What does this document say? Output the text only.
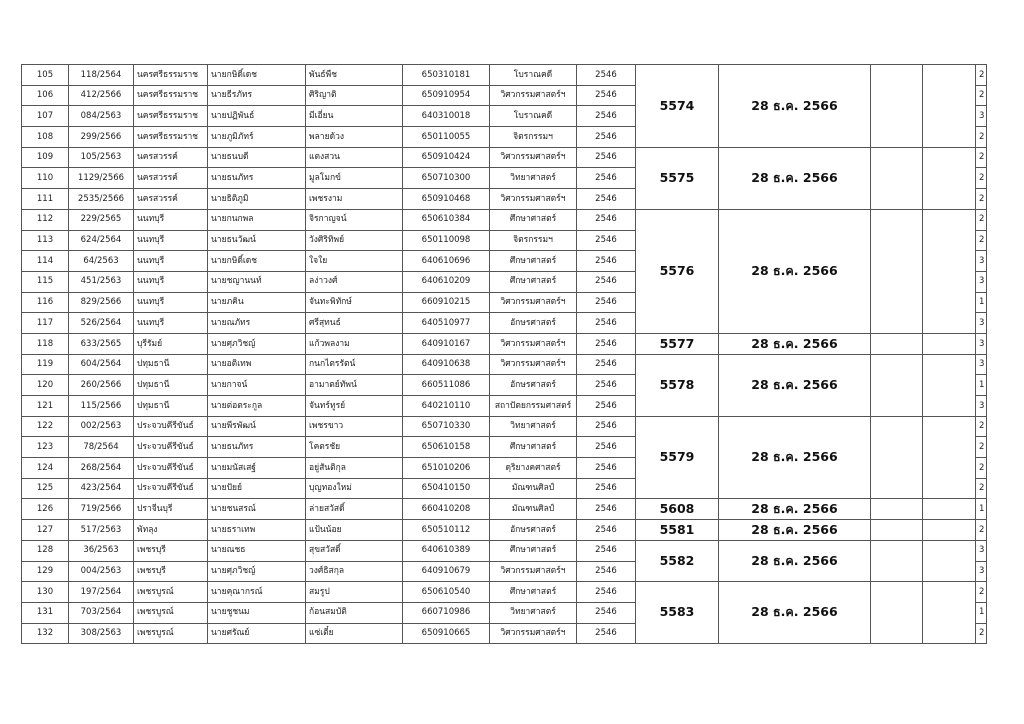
105	118/2564	นครศรีธรรมราช	นายกษิดิ์เดช	พันธ์พืช	650310181	โบราณคดี	2546	5574	28 ธ.ค. 2566			2
106	412/2566	นครศรีธรรมราช	นายธีรภัทร	ศิริญาติ	650910954	วิศวกรรมศาสตร์ฯ	2546					2
107	084/2563	นครศรีธรรมราช	นายปฏิพันธ์	มีเอี่ยน	640310018	โบราณคดี	2546					3
108	299/2566	นครศรีธรรมราช	นายภูมิภัทร์	พลายด้วง	650110055	จิตรกรรมฯ	2546					2
109	105/2563	นครสวรรค์	นายธนบดี	แตงสวน	650910424	วิศวกรรมศาสตร์ฯ	2546	5575	28 ธ.ค. 2566			2
110	1129/2566	นครสวรรค์	นายธนภัทร	มูลโมกข์	650710300	วิทยาศาสตร์	2546					2
111	2535/2566	นครสวรรค์	นายธิติภูมิ	เพชรงาม	650910468	วิศวกรรมศาสตร์ฯ	2546					2
112	229/2565	นนทบุรี	นายกนกพล	จิรกาญจน์	650610384	ศึกษาศาสตร์	2546	5576	28 ธ.ค. 2566			2
113	624/2564	นนทบุรี	นายธนวัฒน์	วังศิริทิพย์	650110098	จิตรกรรมฯ	2546					2
114	64/2563	นนทบุรี	นายกษิดิ์เดช	ใจใย	640610696	ศึกษาศาสตร์	2546					3
115	451/2563	นนทบุรี	นายชญานนท์	ลง่าวงศ์	640610209	ศึกษาศาสตร์	2546					3
116	829/2566	นนทบุรี	นายภคิน	จันทะพิทักษ์	660910215	วิศวกรรมศาสตร์ฯ	2546					1
117	526/2564	นนทบุรี	นายณภัทร	ศรีสุทนธ์	640510977	อักษรศาสตร์	2546					3
118	633/2565	บุรีรัมย์	นายศุภวิชญ์	แก้วพลงาม	640910167	วิศวกรรมศาสตร์ฯ	2546	5577	28 ธ.ค. 2566			3
119	604/2564	ปทุมธานี	นายอติเทพ	กนกไตรรัตน์	640910638	วิศวกรรมศาสตร์ฯ	2546	5578	28 ธ.ค. 2566			3
120	260/2566	ปทุมธานี	นายกาจน์	อามาตย์ทัพน์	660511086	อักษรศาสตร์	2546					1
121	115/2566	ปทุมธานี	นายต่อตระกูล	จันทร์ทูรย์	640210110	สถาปัตยกรรมศาสตร์	2546					3
122	002/2563	ประจวบคีรีขันธ์	นายพีรพัฒน์	เพชรขาว	650710330	วิทยาศาสตร์	2546	5579	28 ธ.ค. 2566			2
123	78/2564	ประจวบคีรีขันธ์	นายธนภัทร	โคตรชัย	650610158	ศึกษาศาสตร์	2546					2
124	268/2564	ประจวบคีรีขันธ์	นายมนัสเสฐ์	อยู่สันติกุล	651010206	ดุริยางคศาสตร์	2546					2
125	423/2564	ประจวบคีรีขันธ์	นายปัยย์	บุญทองใหม่	650410150	มัณฑนศิลป์	2546					2
126	719/2566	ปราจีนบุรี	นายชนสรณ์	ล่ายสวัสดิ์	660410208	มัณฑนศิลป์	2546	5608	28 ธ.ค. 2566			1
127	517/2563	พัทลุง	นายธราเทพ	แป้นน้อย	650510112	อักษรศาสตร์	2546	5581	28 ธ.ค. 2566			2
128	36/2563	เพชรบุรี	นายณชธ	สุขสวัสดิ์	640610389	ศึกษาศาสตร์	2546	5582	28 ธ.ค. 2566			3
129	004/2563	เพชรบุรี	นายศุภวิชญ์	วงศ์ธิสกุล	640910679	วิศวกรรมศาสตร์ฯ	2546					3
130	197/2564	เพชรบูรณ์	นายคุณากรณ์	สมรูป	650610540	ศึกษาศาสตร์	2546	5583	28 ธ.ค. 2566			2
131	703/2564	เพชรบูรณ์	นายชูชนม	ก้อนสมบัติ	660710986	วิทยาศาสตร์	2546					1
132	308/2563	เพชรบูรณ์	นายศรัณย์	แซ่เตี๋ย	650910665	วิศวกรรมศาสตร์ฯ	2546					2
